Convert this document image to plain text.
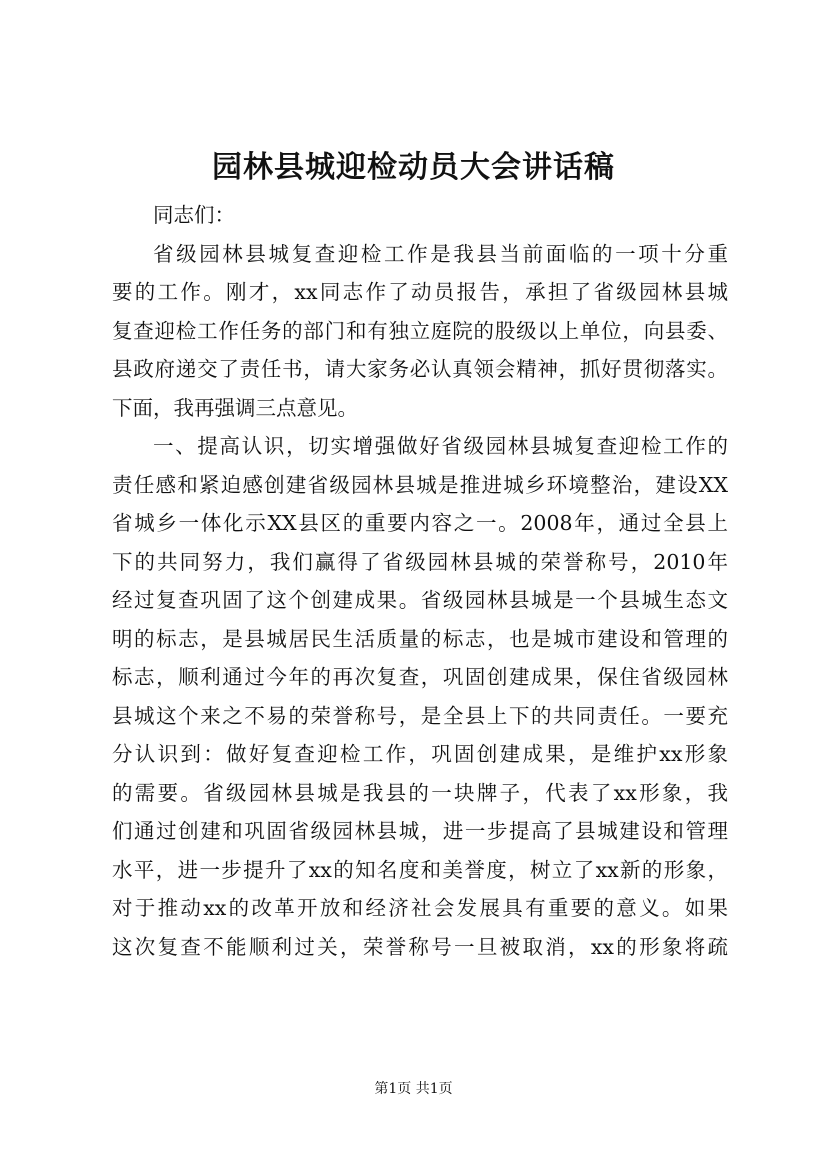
园林县城迎检动员大会讲话稿
同志们：
省级园林县城复查迎检工作是我县当前面临的一项十分重
要的工作。刚才，xx同志作了动员报告，承担了省级园林县城
复查迎检工作任务的部门和有独立庭院的股级以上单位，向县委、
县政府递交了责任书，请大家务必认真领会精神，抓好贯彻落实。
下面，我再强调三点意见。
一、提高认识，切实增强做好省级园林县城复查迎检工作的
责任感和紧迫感创建省级园林县城是推进城乡环境整治，建设XX
省城乡一体化示XX县区的重要内容之一。2008年，通过全县上
下的共同努力，我们赢得了省级园林县城的荣誉称号，2010年
经过复查巩固了这个创建成果。省级园林县城是一个县城生态文
明的标志，是县城居民生活质量的标志，也是城市建设和管理的
标志，顺利通过今年的再次复查，巩固创建成果，保住省级园林
县城这个来之不易的荣誉称号，是全县上下的共同责任。一要充
分认识到：做好复查迎检工作，巩固创建成果，是维护xx形象
的需要。省级园林县城是我县的一块牌子，代表了xx形象，我
们通过创建和巩固省级园林县城，进一步提高了县城建设和管理
水平，进一步提升了xx的知名度和美誉度，树立了xx新的形象，
对于推动xx的改革开放和经济社会发展具有重要的意义。如果
这次复查不能顺利过关，荣誉称号一旦被取消，xx的形象将疏
第1页 共1页
